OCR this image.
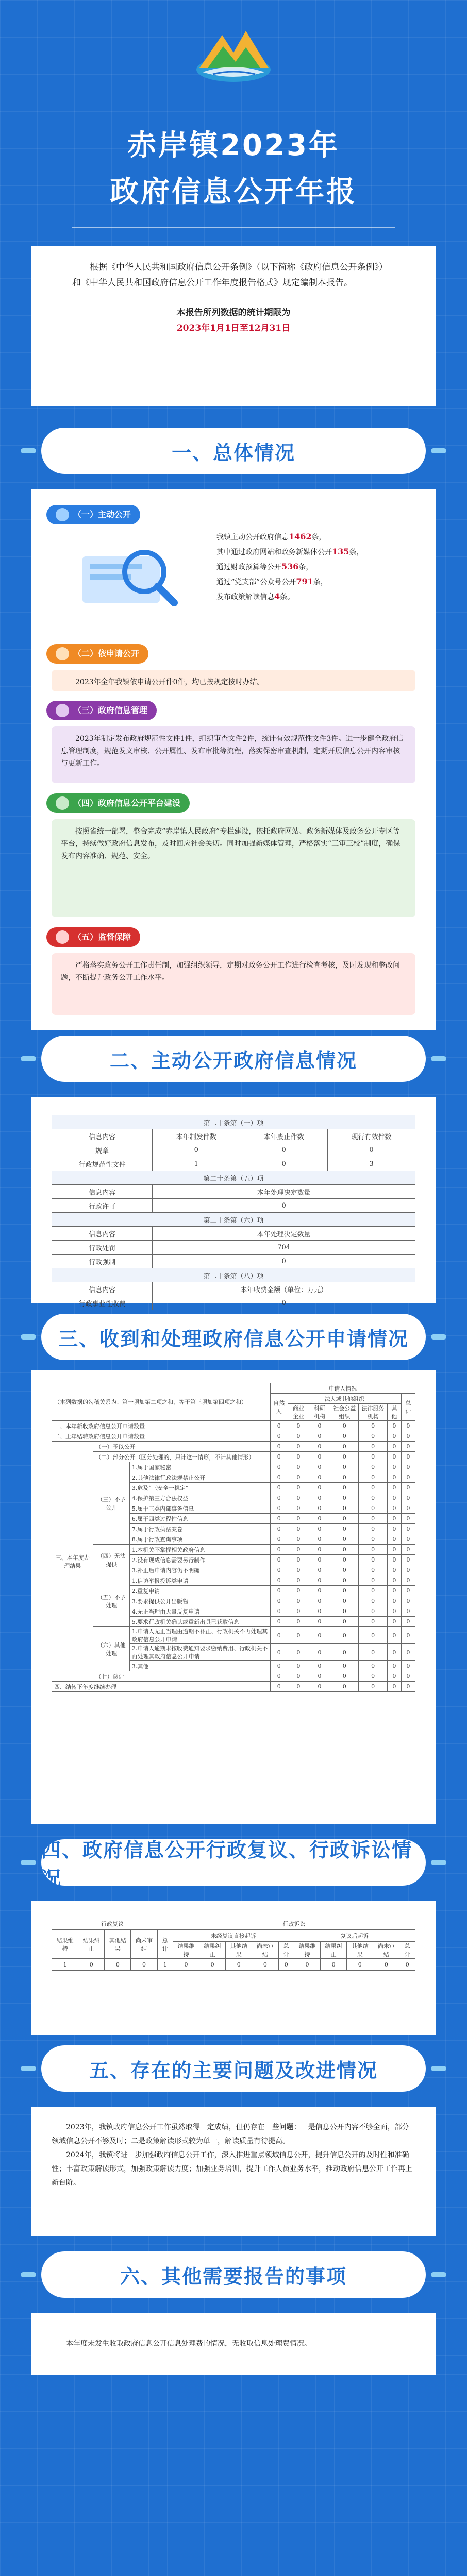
赤岸镇2023年
政府信息公开年报

根据《中华人民共和国政府信息公开条例》（以下简称《政府信息公开条例》）和《中华人民共和国政府信息公开工作年度报告格式》规定编制本报告。

本报告所列数据的统计期限为
2023年1月1日至12月31日
一、总体情况
（一）主动公开
我镇主动公开政府信息1462条，
其中通过政府网站和政务新媒体公开135条，
通过财政预算等公开536条，
通过“党支部”公众号公开791条，
发布政策解读信息4条。
（二）依申请公开

2023年全年我镇依申请公开件0件，均已按规定按时办结。

（三）政府信息管理

2023年制定发布政府规范性文件1件，组织审查文件2件，统计有效规范性文件3件。进一步健全政府信息管理制度，规范发文审核、公开属性、发布审批等流程，落实保密审查机制，定期开展信息公开内容审核与更新工作。

（四）政府信息公开平台建设

按照省统一部署，整合完成“赤岸镇人民政府”专栏建设，依托政府网站、政务新媒体及政务公开专区等平台，持续做好政府信息发布，及时回应社会关切。同时加强新媒体管理，严格落实“三审三校”制度，确保发布内容准确、规范、安全。

（五）监督保障

严格落实政务公开工作责任制，加强组织领导，定期对政务公开工作进行检查考核，及时发现和整改问题，不断提升政务公开工作水平。

二、主动公开政府信息情况
第二十条第（一）项			
信息内容	本年制发件数	本年废止件数	现行有效件数
规章	0	0	0
行政规范性文件	1	0	3
第二十条第（五）项			
信息内容	本年处理决定数量		
行政许可	0		
第二十条第（六）项			
信息内容	本年处理决定数量		
行政处罚	704		
行政强制	0		
第二十条第（八）项			
信息内容	本年收费金额（单位：万元）		
行政事业性收费	0		
三、收到和处理政府信息公开申请情况
（本列数据的勾稽关系为：第一项加第二项之和，等于第三项加第四项之和）			申请人情况						
			自然人	法人或其他组织					总计
				商业企业	科研机构	社会公益组织	法律服务机构	其他	
一、本年新收政府信息公开申请数量			0	0	0	0	0	0	0
二、上年结转政府信息公开申请数量			0	0	0	0	0	0	0
三、本年度办理结果	（一）予以公开		0	0	0	0	0	0	0
	（二）部分公开（区分处理的，只计这一情形，不计其他情形）		0	0	0	0	0	0	0
	（三）不予公开	1.属于国家秘密	0	0	0	0	0	0	0
		2.其他法律行政法规禁止公开	0	0	0	0	0	0	0
		3.危及“三安全一稳定”	0	0	0	0	0	0	0
		4.保护第三方合法权益	0	0	0	0	0	0	0
		5.属于三类内部事务信息	0	0	0	0	0	0	0
		6.属于四类过程性信息	0	0	0	0	0	0	0
		7.属于行政执法案卷	0	0	0	0	0	0	0
		8.属于行政查询事项	0	0	0	0	0	0	0
	（四）无法提供	1.本机关不掌握相关政府信息	0	0	0	0	0	0	0
		2.没有现成信息需要另行制作	0	0	0	0	0	0	0
		3.补正后申请内容仍不明确	0	0	0	0	0	0	0
	（五）不予处理	1.信访举报投诉类申请	0	0	0	0	0	0	0
		2.重复申请	0	0	0	0	0	0	0
		3.要求提供公开出版物	0	0	0	0	0	0	0
		4.无正当理由大量反复申请	0	0	0	0	0	0	0
		5.要求行政机关确认或重新出具已获取信息	0	0	0	0	0	0	0
	（六）其他处理	1.申请人无正当理由逾期不补正、行政机关不再处理其政府信息公开申请	0	0	0	0	0	0	0
		2.申请人逾期未按收费通知要求缴纳费用、行政机关不再处理其政府信息公开申请	0	0	0	0	0	0	0
		3.其他	0	0	0	0	0	0	0
	（七）总计		0	0	0	0	0	0	0
四、结转下年度继续办理			0	0	0	0	0	0	0
四、政府信息公开行政复议、行政诉讼情况
行政复议					行政诉讼									
结果维持	结果纠正	其他结果	尚未审结	总计	未经复议直接起诉					复议后起诉				
					结果维持	结果纠正	其他结果	尚未审结	总计	结果维持	结果纠正	其他结果	尚未审结	总计
1	0	0	0	1	0	0	0	0	0	0	0	0	0	0
五、存在的主要问题及改进情况

2023年，我镇政府信息公开工作虽然取得一定成绩，但仍存在一些问题：一是信息公开内容不够全面，部分领域信息公开不够及时；二是政策解读形式较为单一，解读质量有待提高。

2024年，我镇将进一步加强政府信息公开工作，深入推进重点领域信息公开，提升信息公开的及时性和准确性；丰富政策解读形式，加强政策解读力度；加强业务培训，提升工作人员业务水平，推动政府信息公开工作再上新台阶。

六、其他需要报告的事项

本年度未发生收取政府信息公开信息处理费的情况，无收取信息处理费情况。
